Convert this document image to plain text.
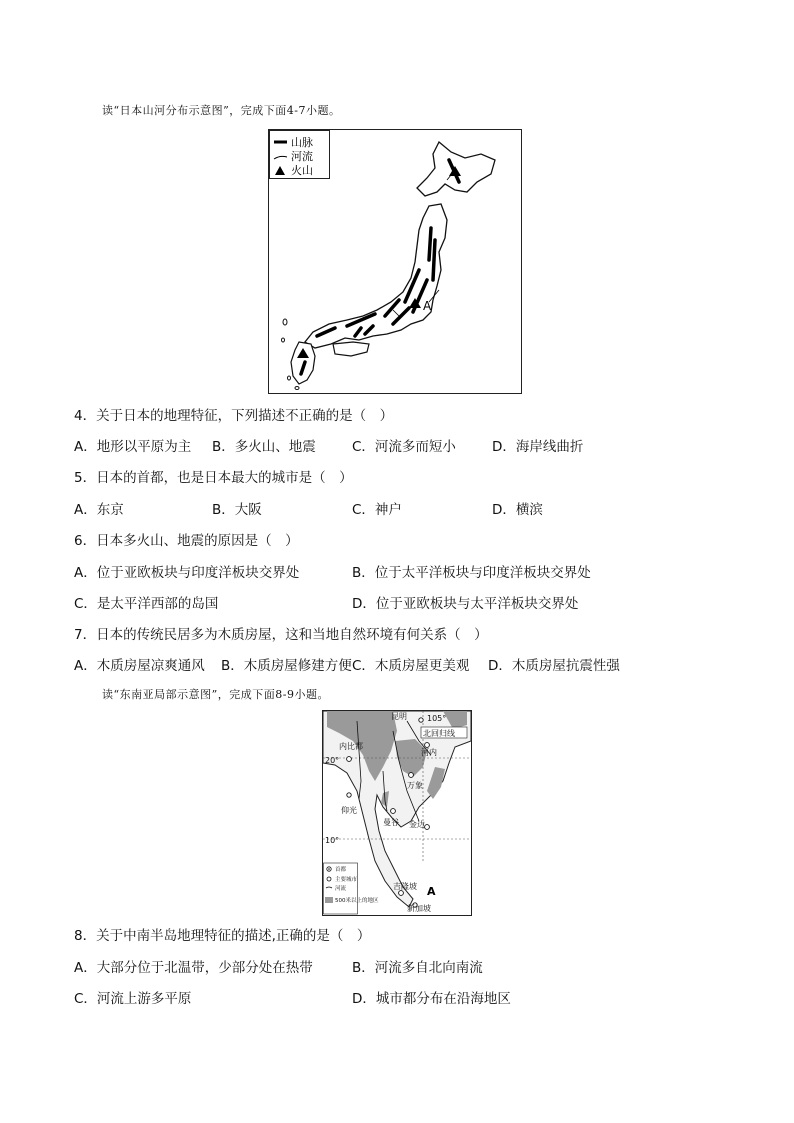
读“日本山河分布示意图”，完成下面4-7小题。
山脉
河流
火山
A
4．关于日本的地理特征，下列描述不正确的是（　）
A．地形以平原为主 B．多火山、地震	C．河流多而短小	D．海岸线曲折
5．日本的首都，也是日本最大的城市是（　）
A．东京	B．大阪	C．神户	D．横滨
6．日本多火山、地震的原因是（　）
A．位于亚欧板块与印度洋板块交界处	B．位于太平洋板块与印度洋板块交界处
C．是太平洋西部的岛国	D．位于亚欧板块与太平洋板块交界处
7．日本的传统民居多为木质房屋，这和当地自然环境有何关系（　）
A．木质房屋凉爽通风 B．木质房屋修建方便 C．木质房屋更美观 D．木质房屋抗震性强
读“东南亚局部示意图”，完成下面8-9小题。
昆明
北回归线
内比都
河内
万象
仰光
曼谷 金边
吉隆坡
新加坡
105°
20°
10°
A
首都
主要城市
河流
500米以上的地区
8．关于中南半岛地理特征的描述,正确的是（　）
A．大部分位于北温带，少部分处在热带	B．河流多自北向南流
C．河流上游多平原	D．城市都分布在沿海地区
